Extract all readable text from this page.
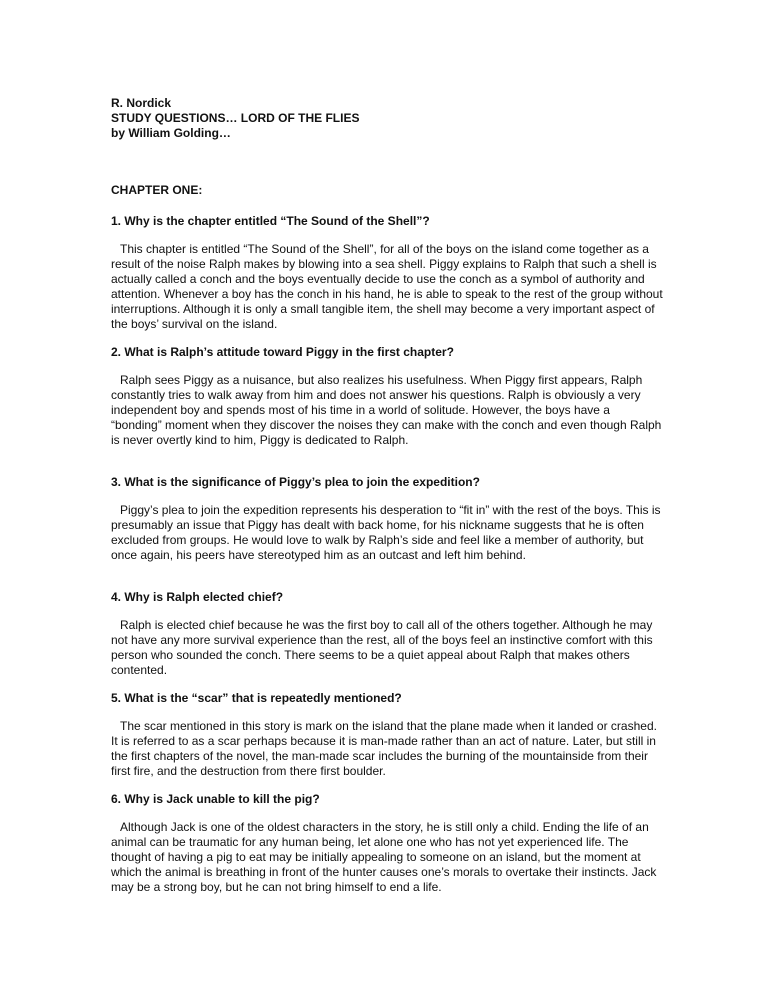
R. Nordick

STUDY QUESTIONS… LORD OF THE FLIES

by William Golding…

CHAPTER ONE:

1. Why is the chapter entitled “The Sound of the Shell”?

This chapter is entitled “The Sound of the Shell”, for all of the boys on the island come together as a result of the noise Ralph makes by blowing into a sea shell. Piggy explains to Ralph that such a shell is actually called a conch and the boys eventually decide to use the conch as a symbol of authority and attention. Whenever a boy has the conch in his hand, he is able to speak to the rest of the group without interruptions. Although it is only a small tangible item, the shell may become a very important aspect of the boys’ survival on the island.

2. What is Ralph’s attitude toward Piggy in the first chapter?

Ralph sees Piggy as a nuisance, but also realizes his usefulness. When Piggy first appears, Ralph constantly tries to walk away from him and does not answer his questions. Ralph is obviously a very independent boy and spends most of his time in a world of solitude. However, the boys have a “bonding” moment when they discover the noises they can make with the conch and even though Ralph is never overtly kind to him, Piggy is dedicated to Ralph.

3. What is the significance of Piggy’s plea to join the expedition?

Piggy’s plea to join the expedition represents his desperation to “fit in” with the rest of the boys. This is presumably an issue that Piggy has dealt with back home, for his nickname suggests that he is often excluded from groups. He would love to walk by Ralph’s side and feel like a member of authority, but once again, his peers have stereotyped him as an outcast and left him behind.

4. Why is Ralph elected chief?

Ralph is elected chief because he was the first boy to call all of the others together. Although he may not have any more survival experience than the rest, all of the boys feel an instinctive comfort with this person who sounded the conch. There seems to be a quiet appeal about Ralph that makes others contented.

5. What is the “scar” that is repeatedly mentioned?

The scar mentioned in this story is mark on the island that the plane made when it landed or crashed. It is referred to as a scar perhaps because it is man-made rather than an act of nature. Later, but still in the first chapters of the novel, the man-made scar includes the burning of the mountainside from their first fire, and the destruction from there first boulder.

6. Why is Jack unable to kill the pig?

Although Jack is one of the oldest characters in the story, he is still only a child. Ending the life of an animal can be traumatic for any human being, let alone one who has not yet experienced life. The thought of having a pig to eat may be initially appealing to someone on an island, but the moment at which the animal is breathing in front of the hunter causes one’s morals to overtake their instincts. Jack may be a strong boy, but he can not bring himself to end a life.
